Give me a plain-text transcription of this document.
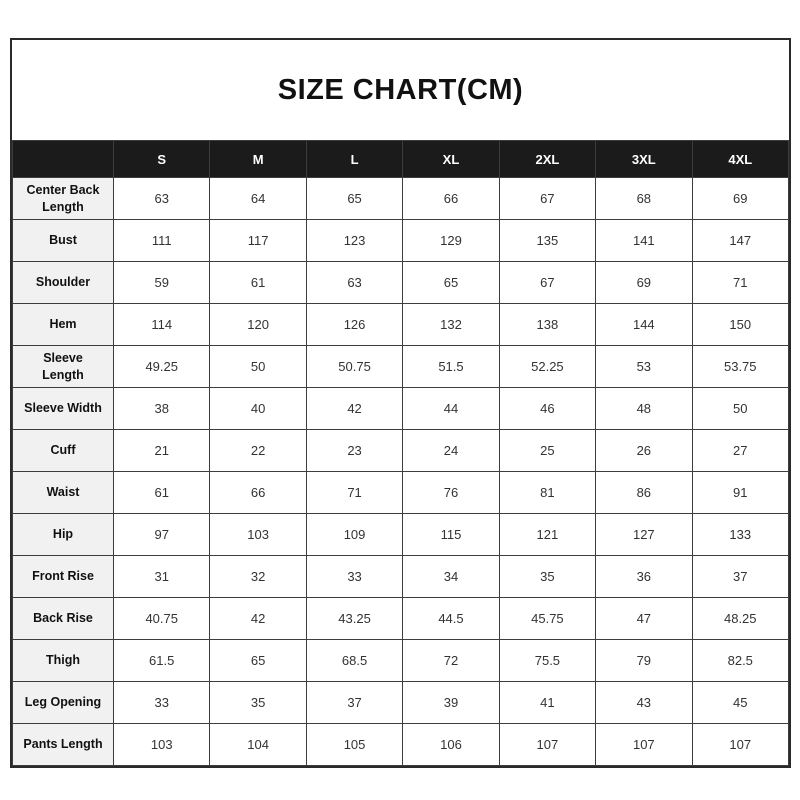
SIZE CHART(CM)
	S	M	L	XL	2XL	3XL	4XL
Center Back Length	63	64	65	66	67	68	69
Bust	111	117	123	129	135	141	147
Shoulder	59	61	63	65	67	69	71
Hem	114	120	126	132	138	144	150
Sleeve Length	49.25	50	50.75	51.5	52.25	53	53.75
Sleeve Width	38	40	42	44	46	48	50
Cuff	21	22	23	24	25	26	27
Waist	61	66	71	76	81	86	91
Hip	97	103	109	115	121	127	133
Front Rise	31	32	33	34	35	36	37
Back Rise	40.75	42	43.25	44.5	45.75	47	48.25
Thigh	61.5	65	68.5	72	75.5	79	82.5
Leg Opening	33	35	37	39	41	43	45
Pants Length	103	104	105	106	107	107	107
